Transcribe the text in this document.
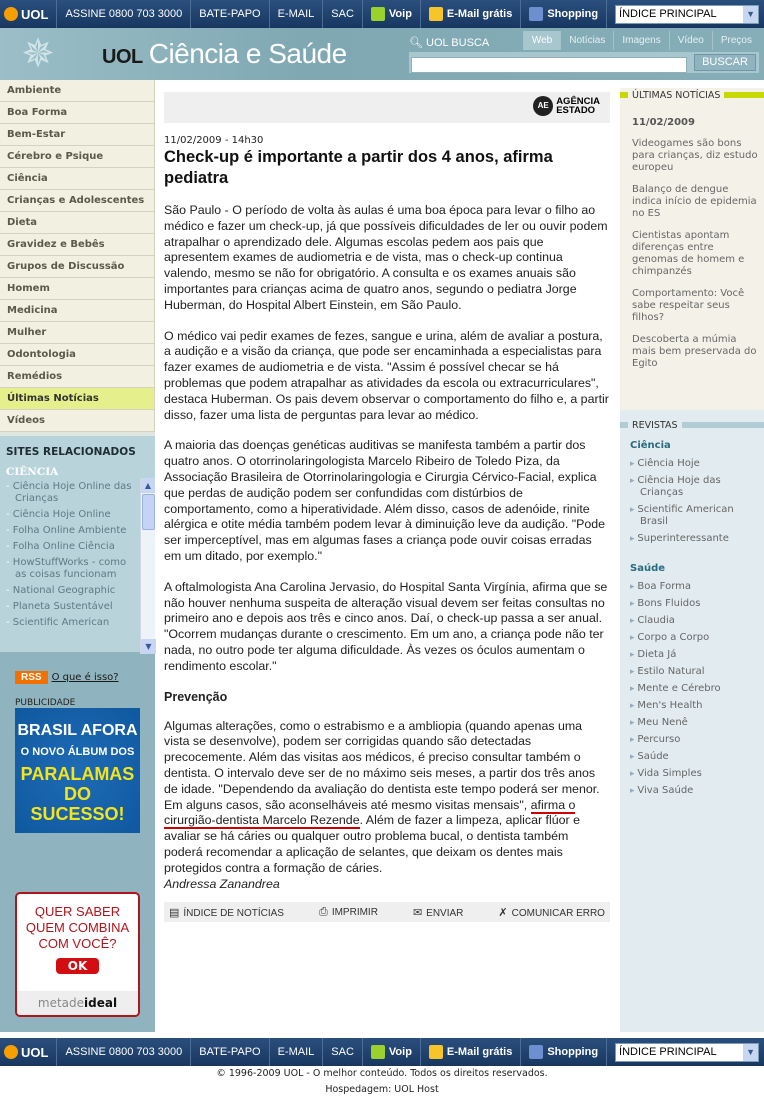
UOL	ASSINE 0800 703 3000	BATE-PAPO	E-MAIL	SAC	Voip	E-Mail grátis	Shopping ÍNDICE PRINCIPAL	▼
UOL	ASSINE 0800 703 3000	BATE-PAPO	E-MAIL	SAC	Voip	E-Mail grátis	Shopping ÍNDICE PRINCIPAL	▼
✵	UOL Ciência e Saúde	🔍︎ UOL BUSCA	Web	Notícias	Imagens	Vídeo	Preços
BUSCAR
Ambiente
Boa Forma
Bem-Estar
Cérebro e Psique
Ciência
Crianças e Adolescentes
Dieta
Gravidez e Bebês
Grupos de Discussão
Homem
Medicina
Mulher
Odontologia
Remédios
Últimas Notícias
Vídeos
SITES RELACIONADOS
CIÊNCIA
- Ciência Hoje Online das Crianças
- Ciência Hoje Online
- Folha Online Ambiente
- Folha Online Ciência
- HowStuffWorks - como as coisas funcionam
- National Geographic
- Planeta Sustentável
- Scientific American
▲
▼
RSS O que é isso?
PUBLICIDADE
BRASIL AFORA
O NOVO ÁLBUM DOS
PARALAMAS
DO SUCESSO!
QUER SABER
QUEM COMBINA
COM VOCÊ?
OK
metadeideal
AE AGÊNCIA
ESTADO
11/02/2009 - 14h30
Check-up é importante a partir dos 4 anos, afirma pediatra

São Paulo - O período de volta às aulas é uma boa época para levar o filho ao médico e fazer um check-up, já que possíveis dificuldades de ler ou ouvir podem atrapalhar o aprendizado dele. Algumas escolas pedem aos pais que apresentem exames de audiometria e de vista, mas o check-up continua valendo, mesmo se não for obrigatório. A consulta e os exames anuais são importantes para crianças acima de quatro anos, segundo o pediatra Jorge Huberman, do Hospital Albert Einstein, em São Paulo.

O médico vai pedir exames de fezes, sangue e urina, além de avaliar a postura, a audição e a visão da criança, que pode ser encaminhada a especialistas para fazer exames de audiometria e de vista. "Assim é possível checar se há problemas que podem atrapalhar as atividades da escola ou extracurriculares", destaca Huberman. Os pais devem observar o comportamento do filho e, a partir disso, fazer uma lista de perguntas para levar ao médico.

A maioria das doenças genéticas auditivas se manifesta também a partir dos quatro anos. O otorrinolaringologista Marcelo Ribeiro de Toledo Piza, da Associação Brasileira de Otorrinolaringologia e Cirurgia Cérvico-Facial, explica que perdas de audição podem ser confundidas com distúrbios de comportamento, como a hiperatividade. Além disso, casos de adenóide, rinite alérgica e otite média também podem levar à diminuição leve da audição. "Pode ser imperceptível, mas em algumas fases a criança pode ouvir coisas erradas em um ditado, por exemplo."

A oftalmologista Ana Carolina Jervasio, do Hospital Santa Virgínia, afirma que se não houver nenhuma suspeita de alteração visual devem ser feitas consultas no primeiro ano e depois aos três e cinco anos. Daí, o check-up passa a ser anual. "Ocorrem mudanças durante o crescimento. Em um ano, a criança pode não ter nada, no outro pode ter alguma dificuldade. Às vezes os óculos aumentam o rendimento escolar."

Prevenção

Algumas alterações, como o estrabismo e a ambliopia (quando apenas uma vista se desenvolve), podem ser corrigidas quando são detectadas precocemente. Além das visitas aos médicos, é preciso consultar também o dentista. O intervalo deve ser de no máximo seis meses, a partir dos três anos de idade. "Dependendo da avaliação do dentista este tempo poderá ser menor. Em alguns casos, são aconselháveis até mesmo visitas mensais", afirma o cirurgião-dentista Marcelo Rezende. Além de fazer a limpeza, aplicar flúor e avaliar se há cáries ou qualquer outro problema bucal, o dentista também poderá recomendar a aplicação de selantes, que deixam os dentes mais protegidos contra a formação de cáries.

Andressa Zanandrea
▤ ÍNDICE DE NOTÍCIAS	⎙ IMPRIMIR	✉ ENVIAR	✗ COMUNICAR ERRO
ÚLTIMAS NOTÍCIAS
11/02/2009
Videogames são bons para crianças, diz estudo europeu
Balanço de dengue indica início de epidemia no ES
Cientistas apontam diferenças entre genomas de homem e chimpanzés
Comportamento: Você sabe respeitar seus filhos?
Descoberta a múmia mais bem preservada do Egito
REVISTAS
Ciência
▸ Ciência Hoje
▸ Ciência Hoje das Crianças
▸ Scientific American Brasil
▸ Superinteressante
Saúde
▸ Boa Forma
▸ Bons Fluidos
▸ Claudia
▸ Corpo a Corpo
▸ Dieta Já
▸ Estilo Natural
▸ Mente e Cérebro
▸ Men's Health
▸ Meu Nenê
▸ Percurso
▸ Saúde
▸ Vida Simples
▸ Viva Saúde
© 1996-2009 UOL - O melhor conteúdo. Todos os direitos reservados.
Hospedagem: UOL Host
